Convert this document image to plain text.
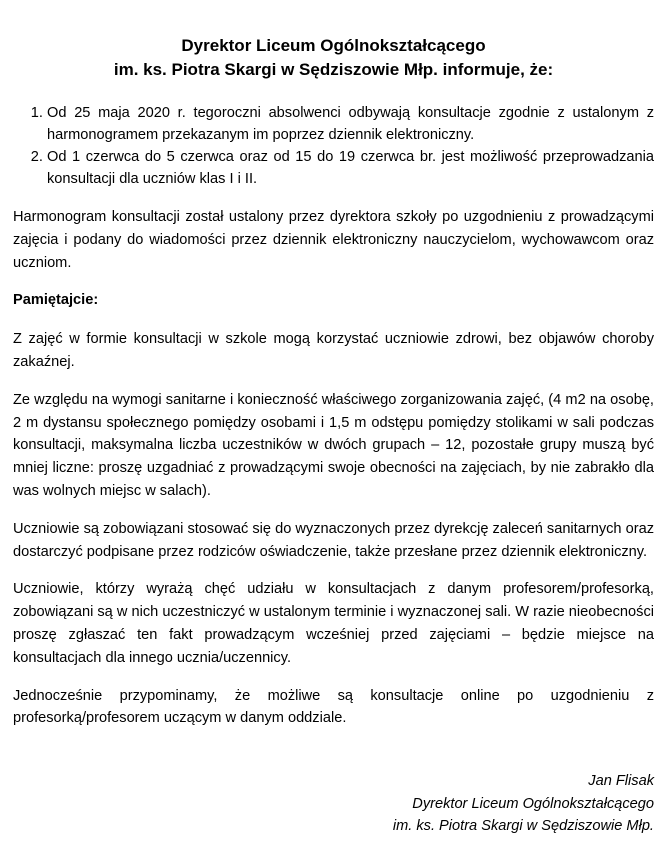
Dyrektor Liceum Ogólnokształcącego
im. ks. Piotra Skargi w Sędziszowie Młp. informuje, że:
1. Od 25 maja 2020 r. tegoroczni absolwenci odbywają konsultacje zgodnie z ustalonym z harmonogramem przekazanym im poprzez dziennik elektroniczny.
2. Od 1 czerwca do 5 czerwca oraz od 15 do 19 czerwca br. jest możliwość przeprowadzania konsultacji dla uczniów klas I i II.

Harmonogram konsultacji został ustalony przez dyrektora szkoły po uzgodnieniu z prowadzącymi zajęcia i podany do wiadomości przez dziennik elektroniczny nauczycielom, wychowawcom oraz uczniom.

Pamiętajcie:

Z zajęć w formie konsultacji w szkole mogą korzystać uczniowie zdrowi, bez objawów choroby zakaźnej.

Ze względu na wymogi sanitarne i konieczność właściwego zorganizowania zajęć, (4 m2 na osobę, 2 m dystansu społecznego pomiędzy osobami i 1,5 m odstępu pomiędzy stolikami w sali podczas konsultacji, maksymalna liczba uczestników w dwóch grupach – 12, pozostałe grupy muszą być mniej liczne: proszę uzgadniać z prowadzącymi swoje obecności na zajęciach, by nie zabrakło dla was wolnych miejsc w salach).

Uczniowie są zobowiązani stosować się do wyznaczonych przez dyrekcję zaleceń sanitarnych oraz dostarczyć podpisane przez rodziców oświadczenie, także przesłane przez dziennik elektroniczny.

Uczniowie, którzy wyrażą chęć udziału w konsultacjach z danym profesorem/profesorką, zobowiązani są w nich uczestniczyć w ustalonym terminie i wyznaczonej sali. W razie nieobecności proszę zgłaszać ten fakt prowadzącym wcześniej przed zajęciami – będzie miejsce na konsultacjach dla innego ucznia/uczennicy.

Jednocześnie przypominamy, że możliwe są konsultacje online po uzgodnieniu z profesorką/profesorem uczącym w danym oddziale.

Jan Flisak
Dyrektor Liceum Ogólnokształcącego
im. ks. Piotra Skargi w Sędziszowie Młp.
